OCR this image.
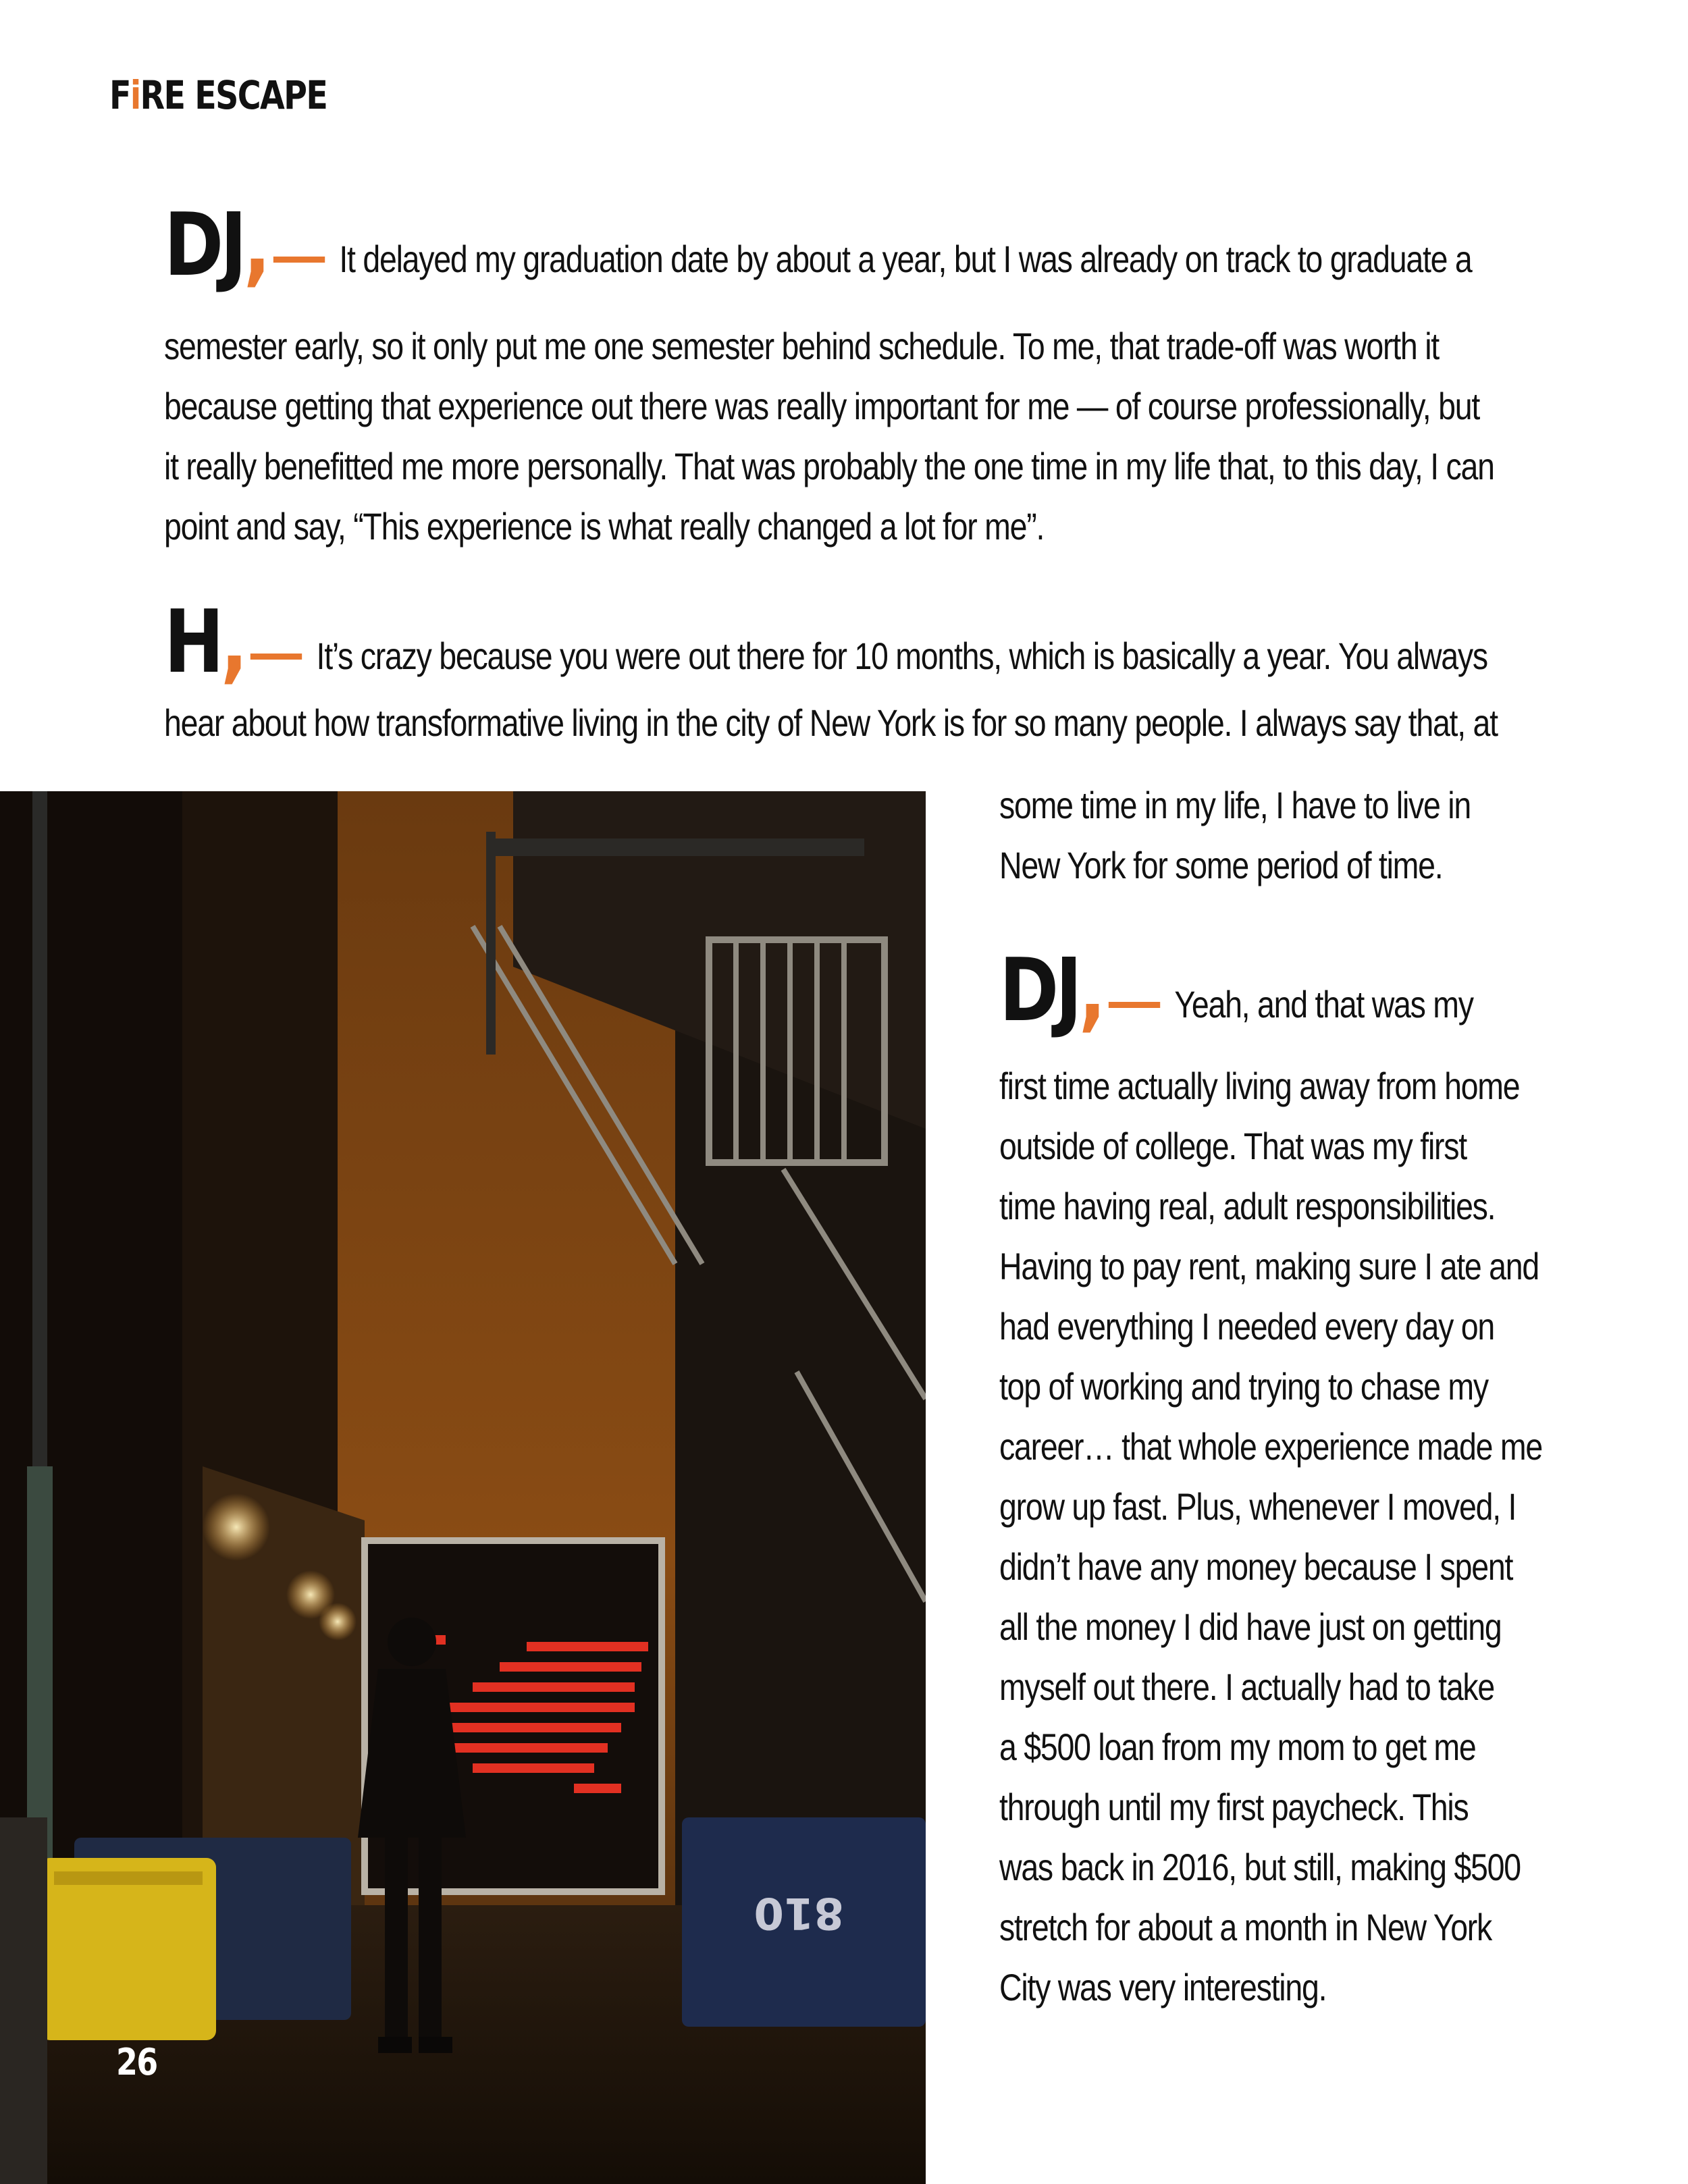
FiRE ESCAPE
DJ, It delayed my graduation date by about a year, but I was already on track to graduate a
semester early, so it only put me one semester behind schedule. To me, that trade-off was worth it
because getting that experience out there was really important for me — of course professionally, but
it really benefitted me more personally. That was probably the one time in my life that, to this day, I can
point and say, “This experience is what really changed a lot for me”.
H, It’s crazy because you were out there for 10 months, which is basically a year. You always
hear about how transformative living in the city of New York is for so many people. I always say that, at
some time in my life, I have to live in
New York for some period of time.
DJ, Yeah, and that was my
first time actually living away from home
outside of college. That was my first
time having real, adult responsibilities.
Having to pay rent, making sure I ate and
had everything I needed every day on
top of working and trying to chase my
career… that whole experience made me
grow up fast. Plus, whenever I moved, I
didn’t have any money because I spent
all the money I did have just on getting
myself out there. I actually had to take
a $500 loan from my mom to get me
through until my first paycheck. This
was back in 2016, but still, making $500
stretch for about a month in New York
City was very interesting.
810
26
